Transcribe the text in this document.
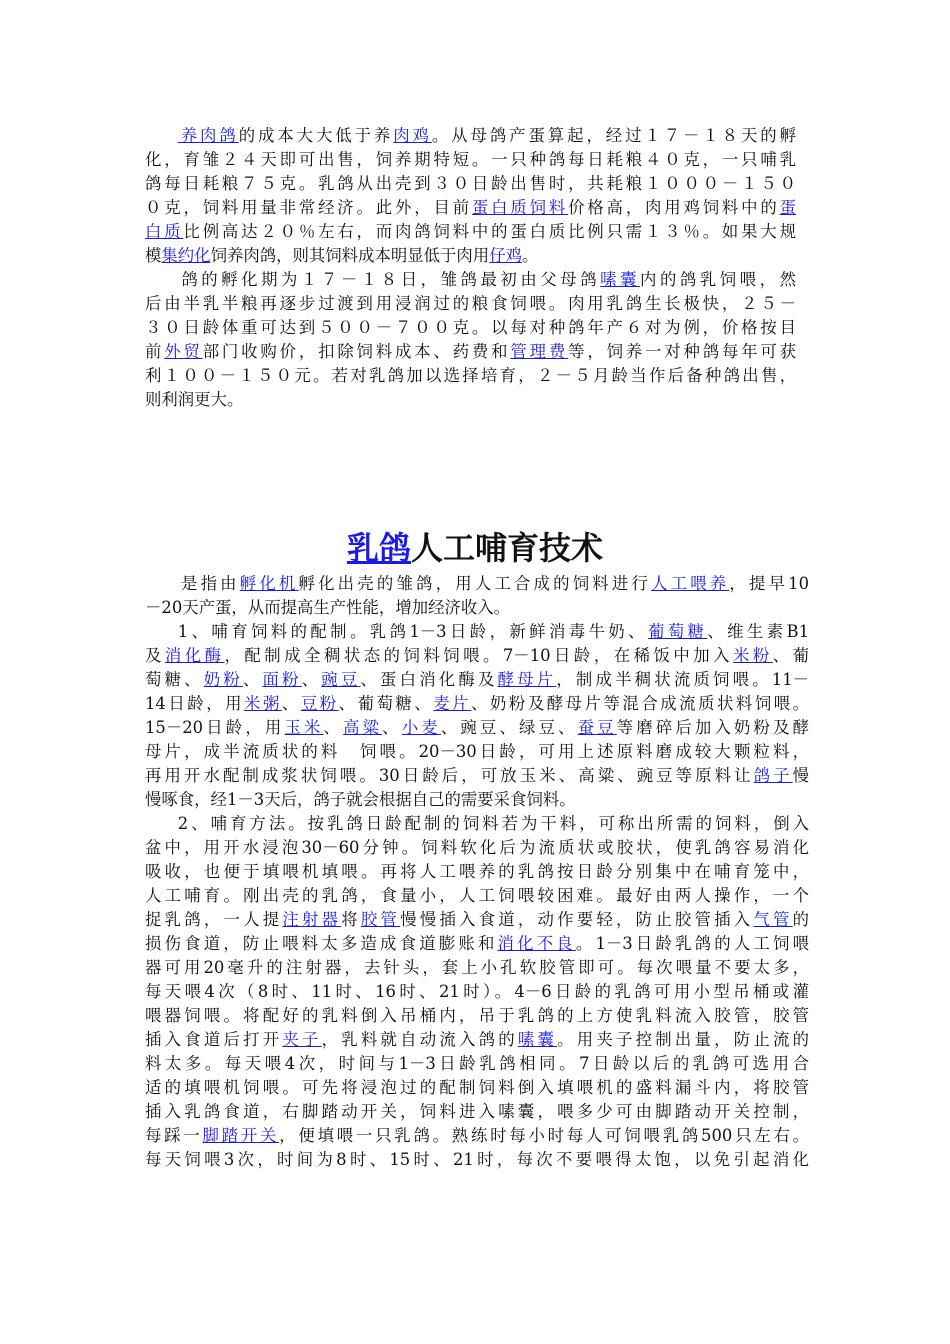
养肉鸽的成本大大低于养肉鸡。从母鸽产蛋算起，经过１７－１８天的孵
化，育雏２４天即可出售，饲养期特短。一只种鸽每日耗粮４０克，一只哺乳
鸽每日耗粮７５克。乳鸽从出壳到３０日龄出售时，共耗粮１０００－１５０
０克，饲料用量非常经济。此外，目前蛋白质饲料价格高，肉用鸡饲料中的蛋
白质比例高达２０％左右，而肉鸽饲料中的蛋白质比例只需１３％。如果大规
模集约化饲养肉鸽，则其饲料成本明显低于肉用仔鸡。
鸽的孵化期为１７－１８日，雏鸽最初由父母鸽嗉囊内的鸽乳饲喂，然
后由半乳半粮再逐步过渡到用浸润过的粮食饲喂。肉用乳鸽生长极快，２５－
３０日龄体重可达到５００－７００克。以每对种鸽年产６对为例，价格按目
前外贸部门收购价，扣除饲料成本、药费和管理费等，饲养一对种鸽每年可获
利１００－１５０元。若对乳鸽加以选择培育，２－５月龄当作后备种鸽出售，
则利润更大。
乳鸽人工哺育技术
是指由孵化机孵化出壳的雏鸽，用人工合成的饲料进行人工喂养，提早10
－20天产蛋，从而提高生产性能，增加经济收入。
1、哺育饲料的配制。乳鸽1－3日龄，新鲜消毒牛奶、葡萄糖、维生素B1
及消化酶，配制成全稠状态的饲料饲喂。7－10日龄，在稀饭中加入米粉、葡
萄糖、奶粉、面粉、豌豆、蛋白消化酶及酵母片，制成半稠状流质饲喂。11－
14日龄，用米粥、豆粉、葡萄糖、麦片、奶粉及酵母片等混合成流质状料饲喂。
15－20日龄，用玉米、高粱、小麦、豌豆、绿豆、蚕豆等磨碎后加入奶粉及酵
母片，成半流质状的料　饲喂。20－30日龄，可用上述原料磨成较大颗粒料，
再用开水配制成浆状饲喂。30日龄后，可放玉米、高粱、豌豆等原料让鸽子慢
慢啄食，经1－3天后，鸽子就会根据自己的需要采食饲料。
2、哺育方法。按乳鸽日龄配制的饲料若为干料，可称出所需的饲料，倒入
盆中，用开水浸泡30－60分钟。饲料软化后为流质状或胶状，使乳鸽容易消化
吸收，也便于填喂机填喂。再将人工喂养的乳鸽按日龄分别集中在哺育笼中，
人工哺育。刚出壳的乳鸽，食量小，人工饲喂较困难。最好由两人操作，一个
捉乳鸽，一人提注射器将胶管慢慢插入食道，动作要轻，防止胶管插入气管的
损伤食道，防止喂料太多造成食道膨账和消化不良。1－3日龄乳鸽的人工饲喂
器可用20毫升的注射器，去针头，套上小孔软胶管即可。每次喂量不要太多，
每天喂4次（8时、11时、16时、21时）。4－6日龄的乳鸽可用小型吊桶或灌
喂器饲喂。将配好的乳料倒入吊桶内，吊于乳鸽的上方使乳料流入胶管，胶管
插入食道后打开夹子，乳料就自动流入鸽的嗉囊。用夹子控制出量，防止流的
料太多。每天喂4次，时间与1－3日龄乳鸽相同。7日龄以后的乳鸽可选用合
适的填喂机饲喂。可先将浸泡过的配制饲料倒入填喂机的盛料漏斗内，将胶管
插入乳鸽食道，右脚踏动开关，饲料进入嗉囊，喂多少可由脚踏动开关控制，
每踩一脚踏开关，便填喂一只乳鸽。熟练时每小时每人可饲喂乳鸽500只左右。
每天饲喂3次，时间为8时、15时、21时，每次不要喂得太饱，以免引起消化
